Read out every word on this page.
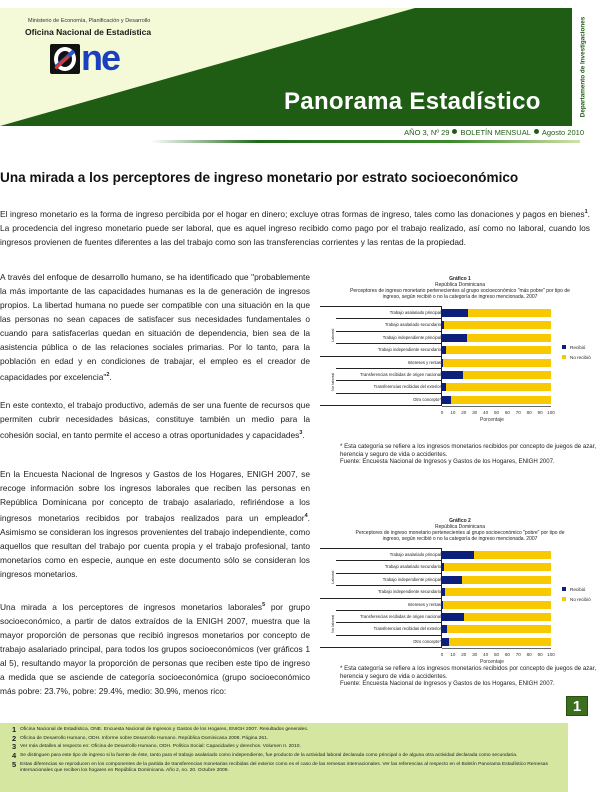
Ministerio de Economía, Planificación y Desarrollo
Oficina Nacional de Estadística
ne
Panorama Estadístico	Departamento de Investigaciones
AÑO 3, Nº 29 BOLETÍN MENSUAL Agosto 2010
Una mirada a los perceptores de ingreso monetario por estrato socioeconómico

El ingreso monetario es la forma de ingreso percibida por el hogar en dinero; excluye otras formas de ingreso, tales como las donaciones y pagos en bienes$^1$. La procedencia del ingreso monetario puede ser laboral, que es aquel ingreso recibido como pago por el trabajo realizado, así como no laboral, cuando los ingresos provienen de fuentes diferentes a las del trabajo como son las transferencias corrientes y las rentas de la propiedad.

A través del enfoque de desarrollo humano, se ha identificado que "probablemente la más importante de las capacidades humanas es la de generación de ingresos propios. La libertad humana no puede ser compatible con una situación en la que las personas no sean capaces de satisfacer sus necesidades fundamentales o cuando para satisfacerlas quedan en situación de dependencia, bien sea de la asistencia pública o de las relaciones sociales primarias. Por lo tanto, para la población en edad y en condiciones de trabajar, el empleo es el creador de capacidades por excelencia"$^2$.

En este contexto, el trabajo productivo, además de ser una fuente de recursos que permiten cubrir necesidades básicas, constituye también un medio para la cohesión social, en tanto permite el acceso a otras oportunidades y capacidades$^3$.

En la Encuesta Nacional de Ingresos y Gastos de los Hogares, ENIGH 2007, se recoge información sobre los ingresos laborales que reciben las personas en República Dominicana por concepto de trabajo asalariado, refiriéndose a los ingresos monetarios recibidos por trabajos realizados para un empleador$^4$. Asimismo se consideran los ingresos provenientes del trabajo independiente, como aquellos que resultan del trabajo por cuenta propia y el trabajo profesional, tanto monetarios como en especie, aunque en este documento sólo se consideran los ingresos monetarios.

Una mirada a los perceptores de ingresos monetarios laborales$^5$ por grupo socioeconómico, a partir de datos extraídos de la ENIGH 2007, muestra que la mayor proporción de personas que recibió ingresos monetarios por concepto de trabajo asalariado principal, para todos los grupos socioeconómicos (ver gráficos 1 al 5), resultando mayor la proporción de personas que reciben este tipo de ingreso a medida que se asciende de categoría socioeconómica (grupo socioeconómico más pobre: 23.7%, pobre: 29.4%, medio: 30.9%, menos rico:

Gráfico 1
República Dominicana
Perceptores de ingreso monetario pertenecientes al grupo socioeconómico "más pobre" por tipo de ingreso, según recibió o no la categoría de ingreso mencionada. 2007
Trabajo asalariado principal
Trabajo asalariado secundario
Trabajo independiente principal
Trabajo independiente secundario
Intereses y rentas
Transferencias recibidas de origen nacional
Transferencias recibidas del exterior
Otro concepto*
Laboral
No laboral
0 10 20 30 40 50 60 70 80 90 100
Porcentaje
Recibió
No recibió
* Esta categoría se refiere a los ingresos monetarios recibidos por concepto de juegos de azar, herencia y seguro de vida o accidentes.
Fuente: Encuesta Nacional de Ingresos y Gastos de los Hogares, ENIGH 2007.
Gráfico 2
República Dominicana
Perceptores de ingreso monetario pertenecientes al grupo socioeconómico "pobre" por tipo de ingreso, según recibió o no la categoría de ingreso mencionada. 2007
Trabajo asalariado principal
Trabajo asalariado secundario
Trabajo independiente principal
Trabajo independiente secundario
Intereses y rentas
Transferencias recibidas de origen nacional
Transferencias recibidas del exterior
Otro concepto*
Laboral
No laboral
0 10 20 30 40 50 60 70 80 90 100
Porcentaje
Recibió
No recibió
* Esta categoría se refiere a los ingresos monetarios recibidos por concepto de juegos de azar, herencia y seguro de vida o accidentes.
Fuente: Encuesta Nacional de Ingresos y Gastos de los Hogares, ENIGH 2007.
1
1 Oficina Nacional de Estadística, ONE. Encuesta Nacional de Ingresos y Gastos de los Hogares, ENIGH 2007. Resultados generales.
2 Oficina de Desarrollo Humano, ODH. Informe sobre Desarrollo Humano. República Dominicana 2008. Página 261.
3 Ver más detalles al respecto en: Oficina de Desarrollo Humano, ODH. Política Social: Capacidades y derechos. Volumen II. 2010.
4 Se distinguen para este tipo de ingreso si la fuente de éste, tanto para el trabajo asalariado como independiente, fue producto de la actividad laboral declarada como principal o de alguna otra actividad declarada como secundaria.
5 Estas diferencias se reproducen en los componentes de la partida de transferencias monetarias recibidas del exterior como es el caso de las remesas internacionales. Ver las referencias al respecto en el Boletín Panorama Estadístico Remesas internacionales que reciben los hogares en República Dominicana. Año 2, no. 20. Octubre 2009.
